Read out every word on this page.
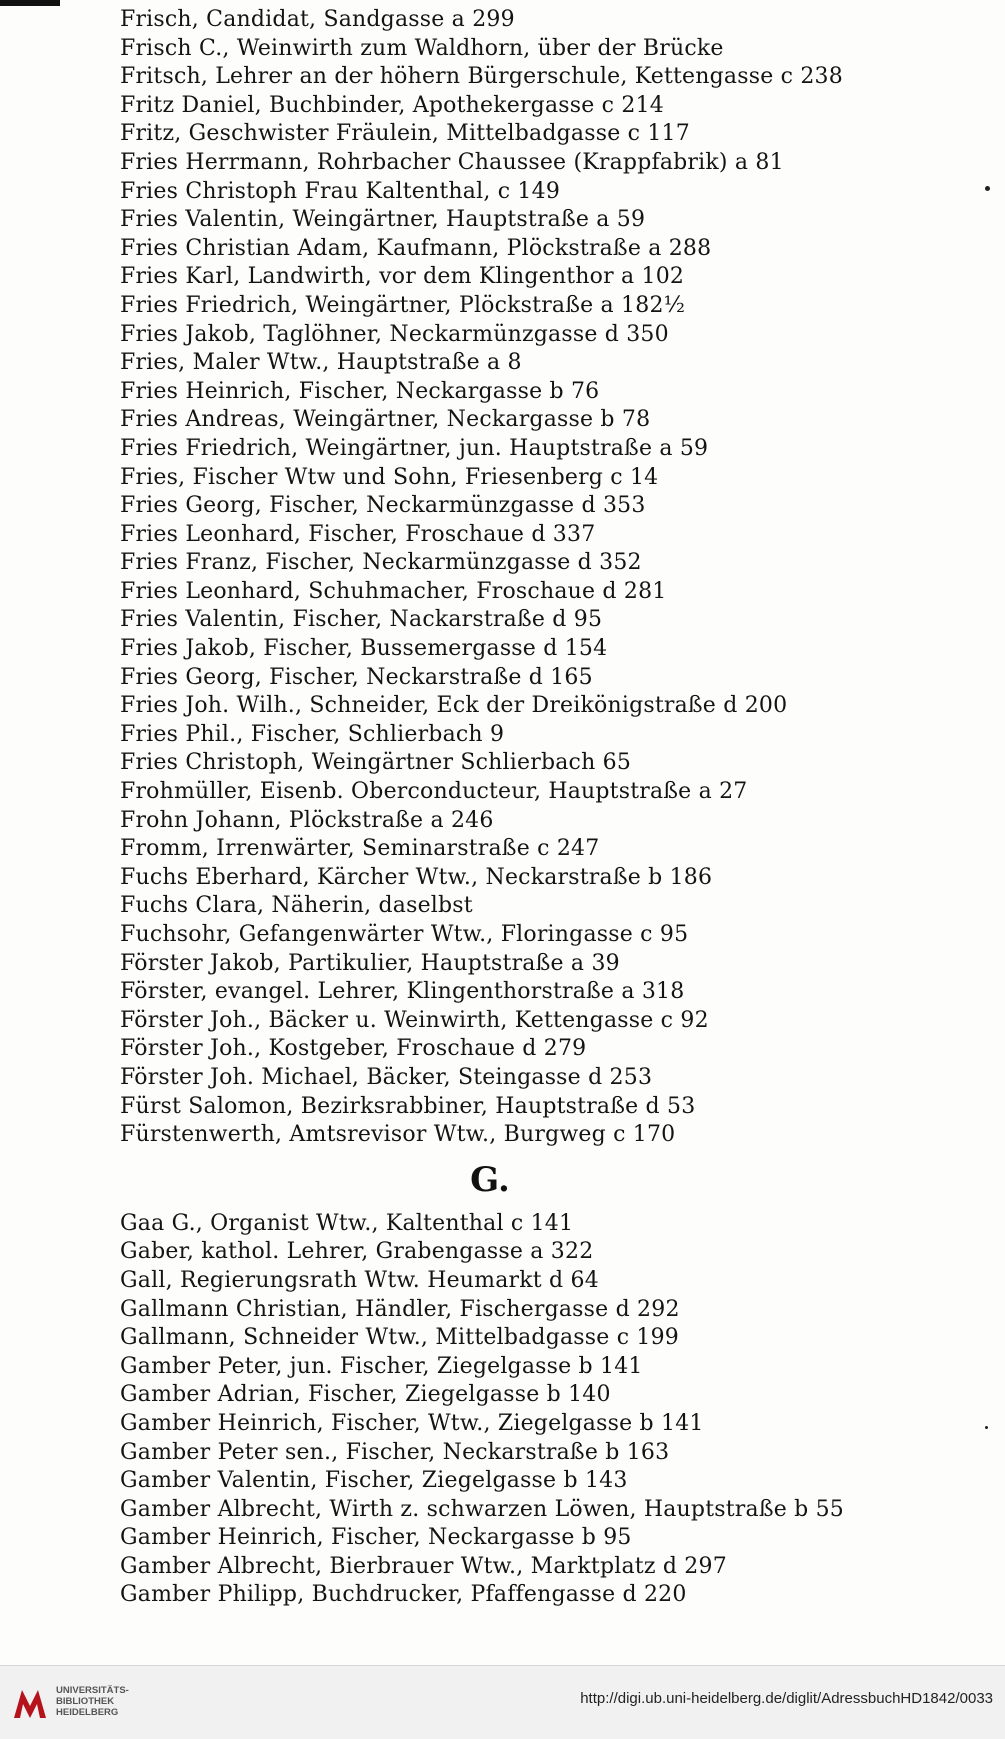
Frisch, Candidat, Sandgasse a 299
Frisch C., Weinwirth zum Waldhorn, über der Brücke
Fritsch, Lehrer an der höhern Bürgerschule, Kettengasse c 238
Fritz Daniel, Buchbinder, Apothekergasse c 214
Fritz, Geschwister Fräulein, Mittelbadgasse c 117
Fries Herrmann, Rohrbacher Chaussee (Krappfabrik) a 81
Fries Christoph Frau Kaltenthal, c 149
Fries Valentin, Weingärtner, Hauptstraße a 59
Fries Christian Adam, Kaufmann, Plöckstraße a 288
Fries Karl, Landwirth, vor dem Klingenthor a 102
Fries Friedrich, Weingärtner, Plöckstraße a 182½
Fries Jakob, Taglöhner, Neckarmünzgasse d 350
Fries, Maler Wtw., Hauptstraße a 8
Fries Heinrich, Fischer, Neckargasse b 76
Fries Andreas, Weingärtner, Neckargasse b 78
Fries Friedrich, Weingärtner, jun. Hauptstraße a 59
Fries, Fischer Wtw und Sohn, Friesenberg c 14
Fries Georg, Fischer, Neckarmünzgasse d 353
Fries Leonhard, Fischer, Froschaue d 337
Fries Franz, Fischer, Neckarmünzgasse d 352
Fries Leonhard, Schuhmacher, Froschaue d 281
Fries Valentin, Fischer, Nackarstraße d 95
Fries Jakob, Fischer, Bussemergasse d 154
Fries Georg, Fischer, Neckarstraße d 165
Fries Joh. Wilh., Schneider, Eck der Dreikönigstraße d 200
Fries Phil., Fischer, Schlierbach 9
Fries Christoph, Weingärtner Schlierbach 65
Frohmüller, Eisenb. Oberconducteur, Hauptstraße a 27
Frohn Johann, Plöckstraße a 246
Fromm, Irrenwärter, Seminarstraße c 247
Fuchs Eberhard, Kärcher Wtw., Neckarstraße b 186
Fuchs Clara, Näherin, daselbst
Fuchsohr, Gefangenwärter Wtw., Floringasse c 95
Förster Jakob, Partikulier, Hauptstraße a 39
Förster, evangel. Lehrer, Klingenthorstraße a 318
Förster Joh., Bäcker u. Weinwirth, Kettengasse c 92
Förster Joh., Kostgeber, Froschaue d 279
Förster Joh. Michael, Bäcker, Steingasse d 253
Fürst Salomon, Bezirksrabbiner, Hauptstraße d 53
Fürstenwerth, Amtsrevisor Wtw., Burgweg c 170
G.
Gaa G., Organist Wtw., Kaltenthal c 141
Gaber, kathol. Lehrer, Grabengasse a 322
Gall, Regierungsrath Wtw. Heumarkt d 64
Gallmann Christian, Händler, Fischergasse d 292
Gallmann, Schneider Wtw., Mittelbadgasse c 199
Gamber Peter, jun. Fischer, Ziegelgasse b 141
Gamber Adrian, Fischer, Ziegelgasse b 140
Gamber Heinrich, Fischer, Wtw., Ziegelgasse b 141
Gamber Peter sen., Fischer, Neckarstraße b 163
Gamber Valentin, Fischer, Ziegelgasse b 143
Gamber Albrecht, Wirth z. schwarzen Löwen, Hauptstraße b 55
Gamber Heinrich, Fischer, Neckargasse b 95
Gamber Albrecht, Bierbrauer Wtw., Marktplatz d 297
Gamber Philipp, Buchdrucker, Pfaffengasse d 220
UNIVERSITÄTS-
BIBLIOTHEK
HEIDELBERG
http://digi.ub.uni-heidelberg.de/diglit/AdressbuchHD1842/0033
